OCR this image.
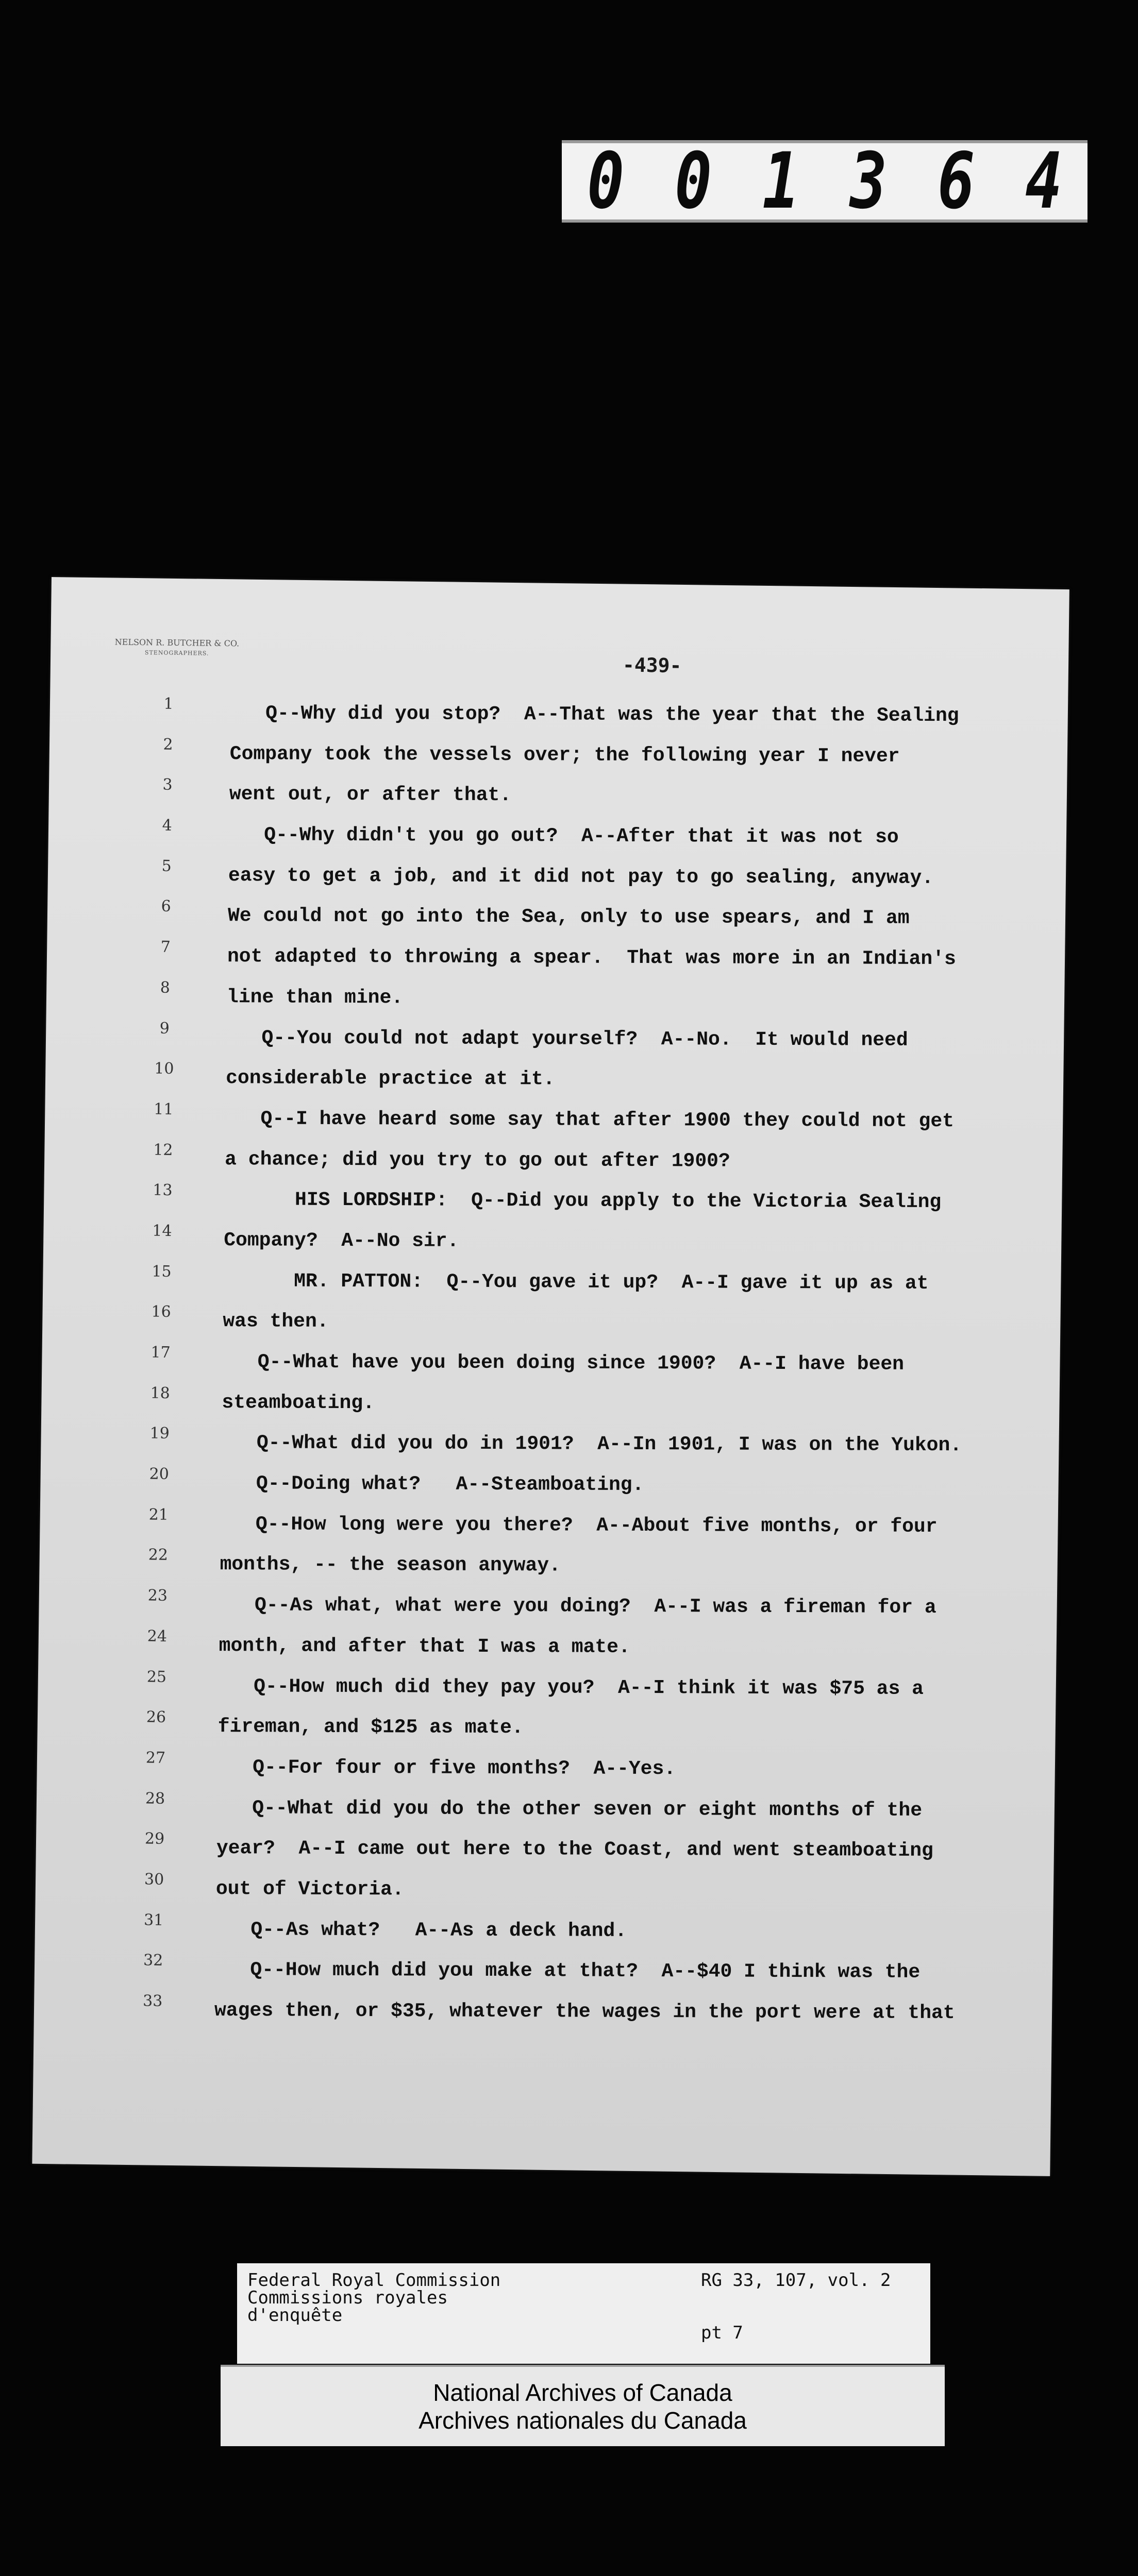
0 0 1 3 6 4
NELSON R. BUTCHER & CO.
STENOGRAPHERS.
-439-
1
2
3
4
5
6
7
8
9
10
11
12
13
14
15
16
17
18
19
20
21
22
23
24
25
26
27
28
29
30
31
32
33
Q--Why did you stop?  A--That was the year that the Sealing
Company took the vessels over; the following year I never
went out, or after that.
Q--Why didn't you go out?  A--After that it was not so
easy to get a job, and it did not pay to go sealing, anyway.
We could not go into the Sea, only to use spears, and I am
not adapted to throwing a spear.  That was more in an Indian's
line than mine.
Q--You could not adapt yourself?  A--No.  It would need
considerable practice at it.
Q--I have heard some say that after 1900 they could not get
a chance; did you try to go out after 1900?
HIS LORDSHIP:  Q--Did you apply to the Victoria Sealing
Company?  A--No sir.
MR. PATTON:  Q--You gave it up?  A--I gave it up as at
was then.
Q--What have you been doing since 1900?  A--I have been
steamboating.
Q--What did you do in 1901?  A--In 1901, I was on the Yukon.
Q--Doing what?   A--Steamboating.
Q--How long were you there?  A--About five months, or four
months, -- the season anyway.
Q--As what, what were you doing?  A--I was a fireman for a
month, and after that I was a mate.
Q--How much did they pay you?  A--I think it was $75 as a
fireman, and $125 as mate.
Q--For four or five months?  A--Yes.
Q--What did you do the other seven or eight months of the
year?  A--I came out here to the Coast, and went steamboating
out of Victoria.
Q--As what?   A--As a deck hand.
Q--How much did you make at that?  A--$40 I think was the
wages then, or $35, whatever the wages in the port were at that
Federal Royal Commission
Commissions royales
d'enquête
RG 33, 107, vol. 2
pt 7
National Archives of Canada
Archives nationales du Canada
